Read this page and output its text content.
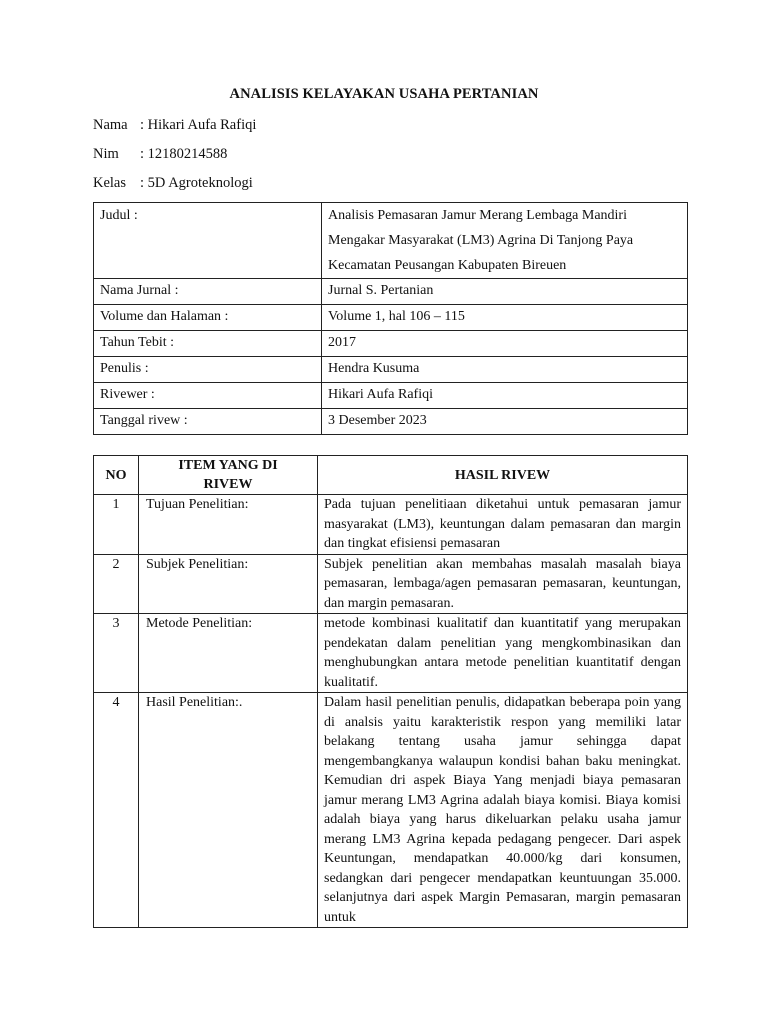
ANALISIS KELAYAKAN USAHA PERTANIAN
Nama : Hikari Aufa Rafiqi
Nim : 12180214588
Kelas : 5D Agroteknologi
Judul :	Analisis Pemasaran Jamur Merang Lembaga Mandiri Mengakar Masyarakat (LM3) Agrina Di Tanjong Paya Kecamatan Peusangan Kabupaten Bireuen
Nama Jurnal :	Jurnal S. Pertanian
Volume dan Halaman :	Volume 1, hal 106 – 115
Tahun Tebit :	2017
Penulis :	Hendra Kusuma
Rivewer :	Hikari Aufa Rafiqi
Tanggal rivew :	3 Desember 2023
NO	ITEM YANG DI RIVEW	HASIL RIVEW
1	Tujuan Penelitian:	Pada tujuan penelitiaan diketahui untuk pemasaran jamur masyarakat (LM3), keuntungan dalam pemasaran dan margin dan tingkat efisiensi pemasaran
2	Subjek Penelitian:	Subjek penelitian akan membahas masalah masalah biaya pemasaran, lembaga/agen pemasaran pemasaran, keuntungan, dan margin pemasaran.
3	Metode Penelitian:	metode kombinasi kualitatif dan kuantitatif yang merupakan pendekatan dalam penelitian yang mengkombinasikan dan menghubungkan antara metode penelitian kuantitatif dengan kualitatif.
4	Hasil Penelitian:.	Dalam hasil penelitian penulis, didapatkan beberapa poin yang di analsis yaitu karakteristik respon yang memiliki latar belakang tentang usaha jamur sehingga dapat mengembangkanya walaupun kondisi bahan baku meningkat. Kemudian dri aspek Biaya Yang menjadi biaya pemasaran jamur merang LM3 Agrina adalah biaya komisi. Biaya komisi adalah biaya yang harus dikeluarkan pelaku usaha jamur merang LM3 Agrina kepada pedagang pengecer. Dari aspek Keuntungan, mendapatkan 40.000/kg dari konsumen, sedangkan dari pengecer mendapatkan keuntuungan 35.000. selanjutnya dari aspek Margin Pemasaran, margin pemasaran untuk
